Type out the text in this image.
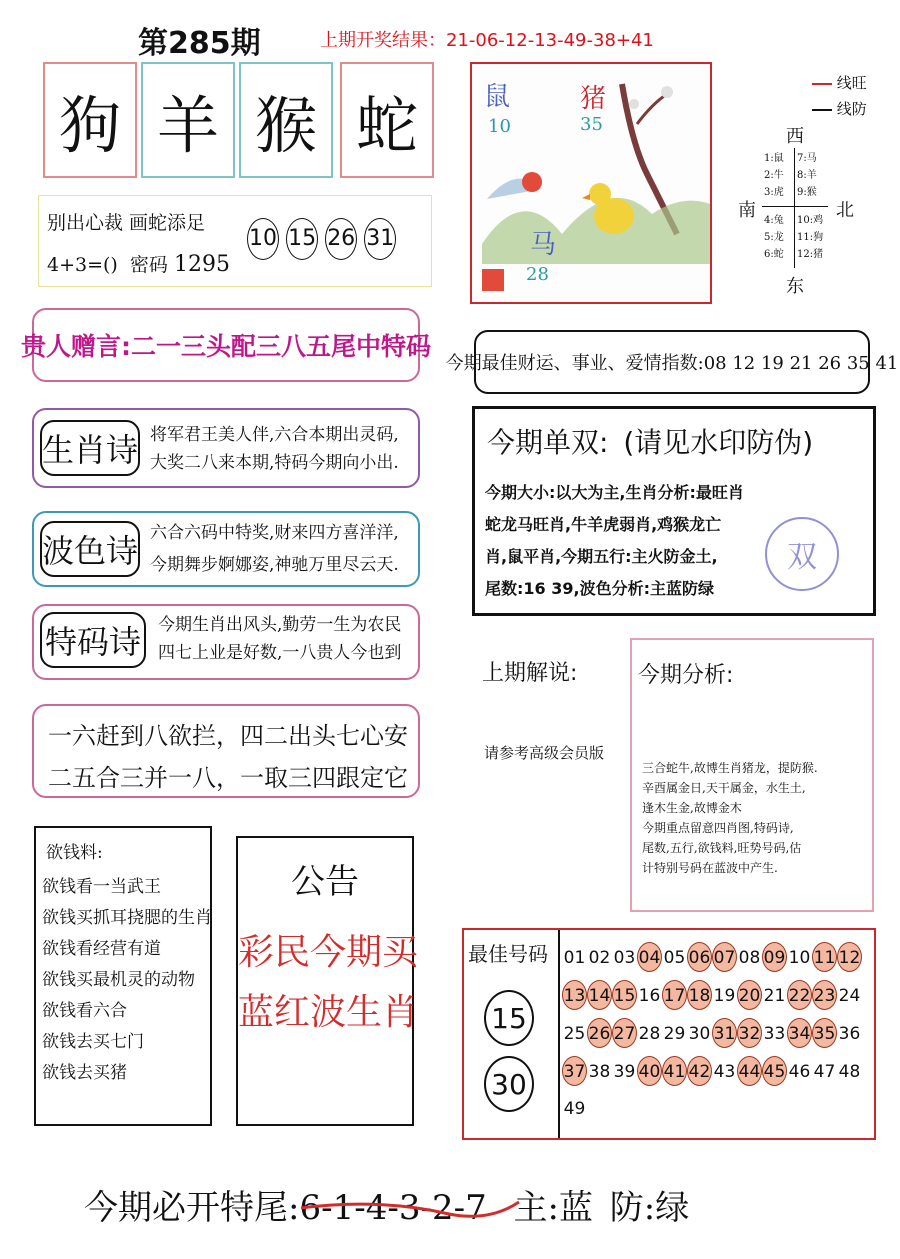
第285期	上期开奖结果：21-06-12-13-49-38+41
狗 羊 猴 蛇
别出心裁 画蛇添足
4+3=() 密码 1295
10 15 26 31
贵人赠言:二一三头配三八五尾中特码
生肖诗 将军君王美人伴,六合本期出灵码,
大奖二八来本期,特码今期向小出.
波色诗 六合六码中特奖,财来四方喜洋洋,
今期舞步婀娜姿,神驰万里尽云天.
特码诗 今期生肖出风头,勤劳一生为农民
四七上业是好数,一八贵人今也到
一六赶到八欲拦，四二出头七心安
二五合三并一八，一取三四跟定它
欲钱料:
欲钱看一当武王
欲钱买抓耳挠腮的生肖
欲钱看经营有道
欲钱买最机灵的动物
欲钱看六合
欲钱去买七门
欲钱去买猪
公告
彩民今期买
蓝红波生肖
鼠
10
猪
35
马
28
线旺
线防
西
南	北
东
1:鼠
2:牛
3:虎
7:马
8:羊
9:猴
4:兔
5:龙
6:蛇
10:鸡
11:狗
12:猪
今期最佳财运、事业、爱情指数:08 12 19 21 26 35 41
今期单双: (请见水印防伪)
今期大小:以大为主,生肖分析:最旺肖
蛇龙马旺肖,牛羊虎弱肖,鸡猴龙亡
肖,鼠平肖,今期五行:主火防金土,
尾数:16 39,波色分析:主蓝防绿
双
上期解说:
请参考高级会员版
今期分析:
三合蛇牛,故博生肖猪龙，提防猴.
辛酉属金日,天干属金，水生土,
逢木生金,故博金木
今期重点留意四肖图,特码诗,
尾数,五行,欲钱料,旺势号码,估
计特别号码在蓝波中产生.
最佳号码
15
30
01 02 03 04 05 06 07 08 09 10 11 12
13 14 15 16 17 18 19 20 21 22 23 24
25 26 27 28 29 30 31 32 33 34 35 36
37 38 39 40 41 42 43 44 45 46 47 48
49
今期必开特尾:6-1-4-3-2-7 主:蓝 防:绿
